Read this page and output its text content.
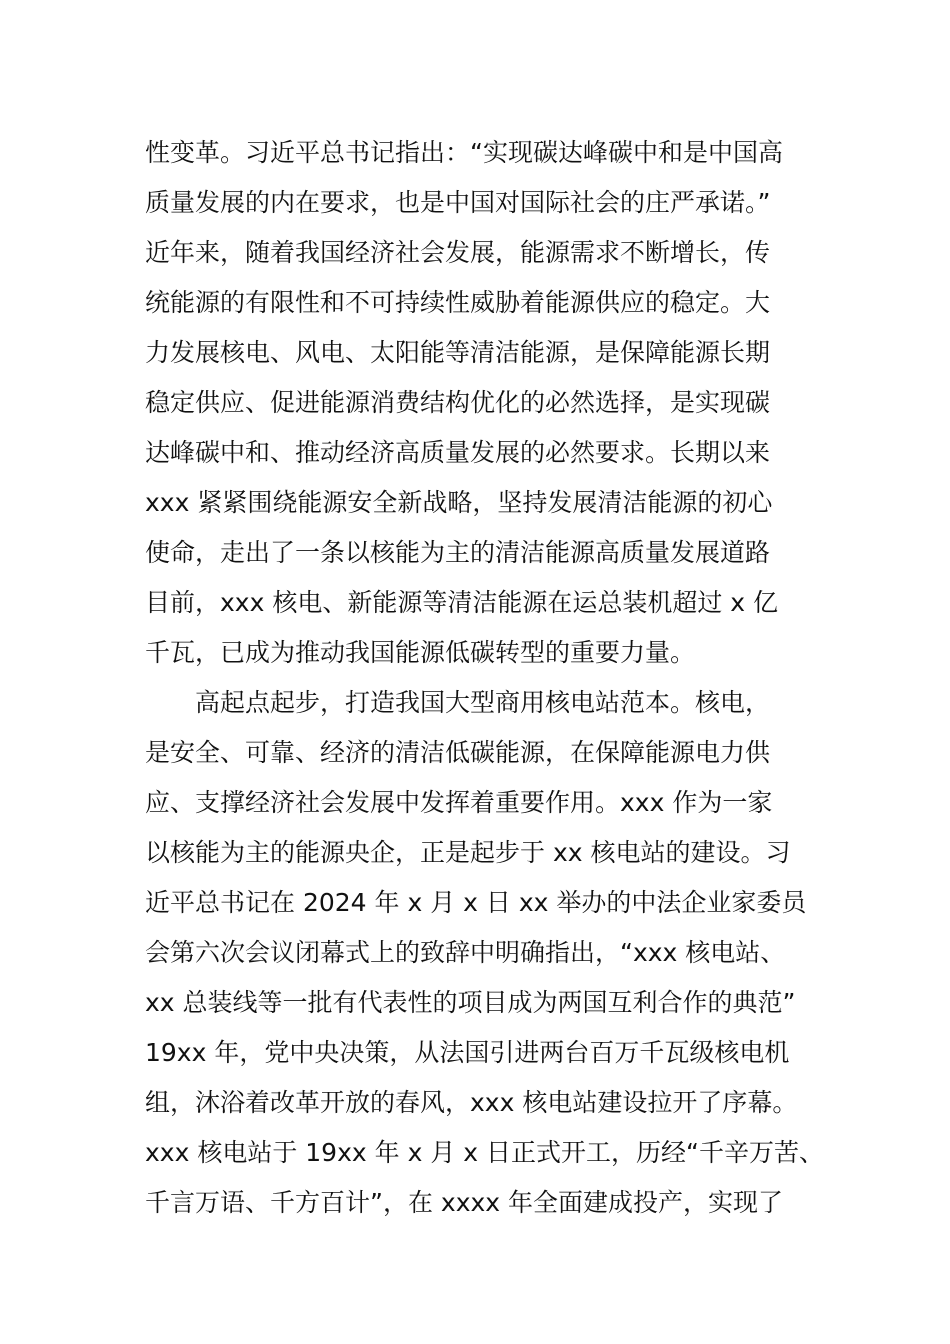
性变革。习近平总书记指出：“实现碳达峰碳中和是中国高
质量发展的内在要求，也是中国对国际社会的庄严承诺。”
近年来，随着我国经济社会发展，能源需求不断增长，传
统能源的有限性和不可持续性威胁着能源供应的稳定。大
力发展核电、风电、太阳能等清洁能源，是保障能源长期
稳定供应、促进能源消费结构优化的必然选择，是实现碳
达峰碳中和、推动经济高质量发展的必然要求。长期以来
xxx 紧紧围绕能源安全新战略，坚持发展清洁能源的初心
使命，走出了一条以核能为主的清洁能源高质量发展道路
目前，xxx 核电、新能源等清洁能源在运总装机超过 x 亿
千瓦，已成为推动我国能源低碳转型的重要力量。
高起点起步，打造我国大型商用核电站范本。核电，
是安全、可靠、经济的清洁低碳能源，在保障能源电力供
应、支撑经济社会发展中发挥着重要作用。xxx 作为一家
以核能为主的能源央企，正是起步于 xx 核电站的建设。习
近平总书记在 2024 年 x 月 x 日 xx 举办的中法企业家委员
会第六次会议闭幕式上的致辞中明确指出，“xxx 核电站、
xx 总装线等一批有代表性的项目成为两国互利合作的典范”
19xx 年，党中央决策，从法国引进两台百万千瓦级核电机
组，沐浴着改革开放的春风，xxx 核电站建设拉开了序幕。
xxx 核电站于 19xx 年 x 月 x 日正式开工，历经“千辛万苦、
千言万语、千方百计”，在 xxxx 年全面建成投产，实现了
